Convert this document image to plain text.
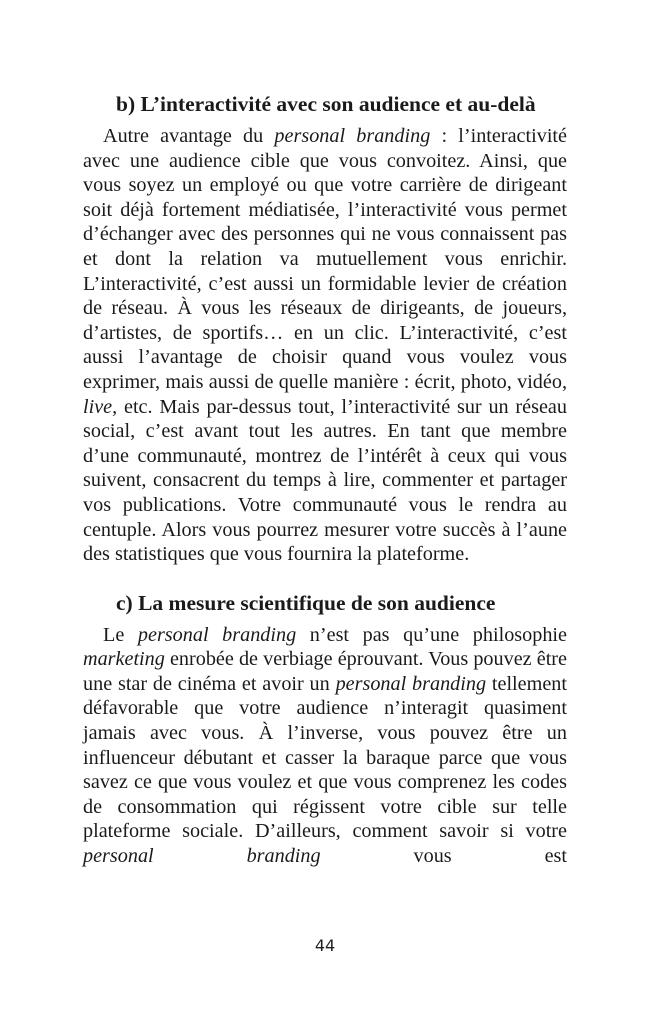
b) L’interactivité avec son audience et au-delà

Autre avantage du personal branding : l’interactivité avec une audience cible que vous convoitez. Ainsi, que vous soyez un employé ou que votre carrière de dirigeant soit déjà fortement médiatisée, l’interactivité vous permet d’échanger avec des personnes qui ne vous connaissent pas et dont la relation va mutuellement vous enrichir. L’interactivité, c’est aussi un formidable levier de création de réseau. À vous les réseaux de dirigeants, de joueurs, d’artistes, de sportifs… en un clic. L’interactivité, c’est aussi l’avantage de choisir quand vous voulez vous exprimer, mais aussi de quelle manière : écrit, photo, vidéo, live, etc. Mais par-dessus tout, l’interactivité sur un réseau social, c’est avant tout les autres. En tant que membre d’une communauté, montrez de l’intérêt à ceux qui vous suivent, consacrent du temps à lire, commenter et partager vos publications. Votre communauté vous le rendra au centuple. Alors vous pourrez mesurer votre succès à l’aune des statistiques que vous fournira la plateforme.

c) La mesure scientifique de son audience

Le personal branding n’est pas qu’une philosophie marketing enrobée de verbiage éprouvant. Vous pouvez être une star de cinéma et avoir un personal branding tellement défavorable que votre audience n’interagit quasiment jamais avec vous. À l’inverse, vous pouvez être un influenceur débutant et casser la baraque parce que vous savez ce que vous voulez et que vous comprenez les codes de consommation qui régissent votre cible sur telle plateforme sociale. D’ailleurs, comment savoir si votre personal branding vous est

44
